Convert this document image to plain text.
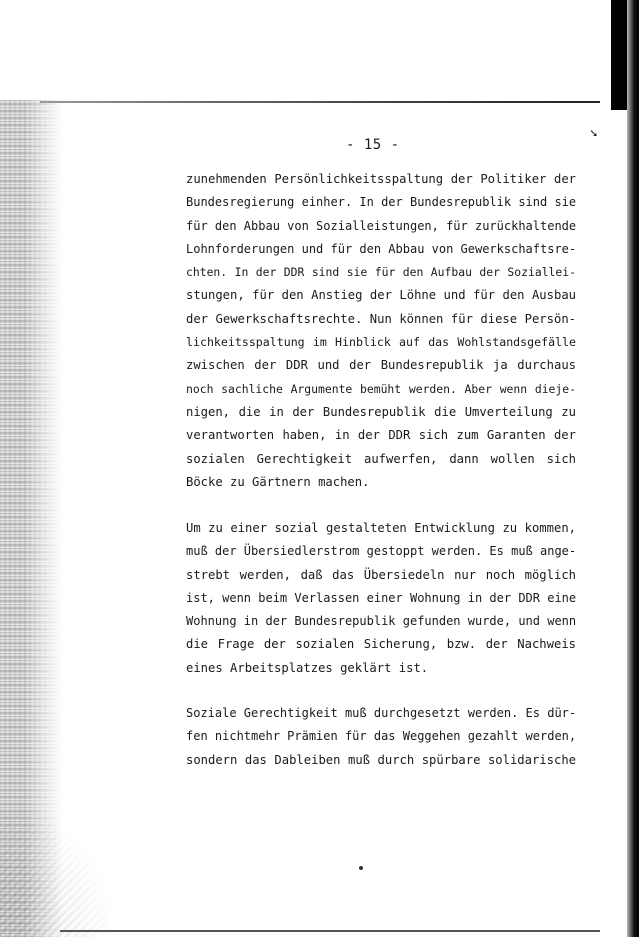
- 15 -
➘

zunehmenden Persönlichkeitsspaltung der Politiker der
Bundesregierung einher. In der Bundesrepublik sind sie
für den Abbau von Sozialleistungen, für zurückhaltende
Lohnforderungen und für den Abbau von Gewerkschaftsre-
chten. In der DDR sind sie für den Aufbau der Soziallei-
stungen, für den Anstieg der Löhne und für den Ausbau
der Gewerkschaftsrechte. Nun können für diese Persön-
lichkeitsspaltung im Hinblick auf das Wohlstandsgefälle
zwischen der DDR und der Bundesrepublik ja durchaus
noch sachliche Argumente bemüht werden. Aber wenn dieje-
nigen, die in der Bundesrepublik die Umverteilung zu
verantworten haben, in der DDR sich zum Garanten der
sozialen Gerechtigkeit aufwerfen, dann wollen sich
Böcke zu Gärtnern machen.

Um zu einer sozial gestalteten Entwicklung zu kommen,
muß der Übersiedlerstrom gestoppt werden. Es muß ange-
strebt werden, daß das Übersiedeln nur noch möglich
ist, wenn beim Verlassen einer Wohnung in der DDR eine
Wohnung in der Bundesrepublik gefunden wurde, und wenn
die Frage der sozialen Sicherung, bzw. der Nachweis
eines Arbeitsplatzes geklärt ist.

Soziale Gerechtigkeit muß durchgesetzt werden. Es dür-
fen nichtmehr Prämien für das Weggehen gezahlt werden,
sondern das Dableiben muß durch spürbare solidarische
